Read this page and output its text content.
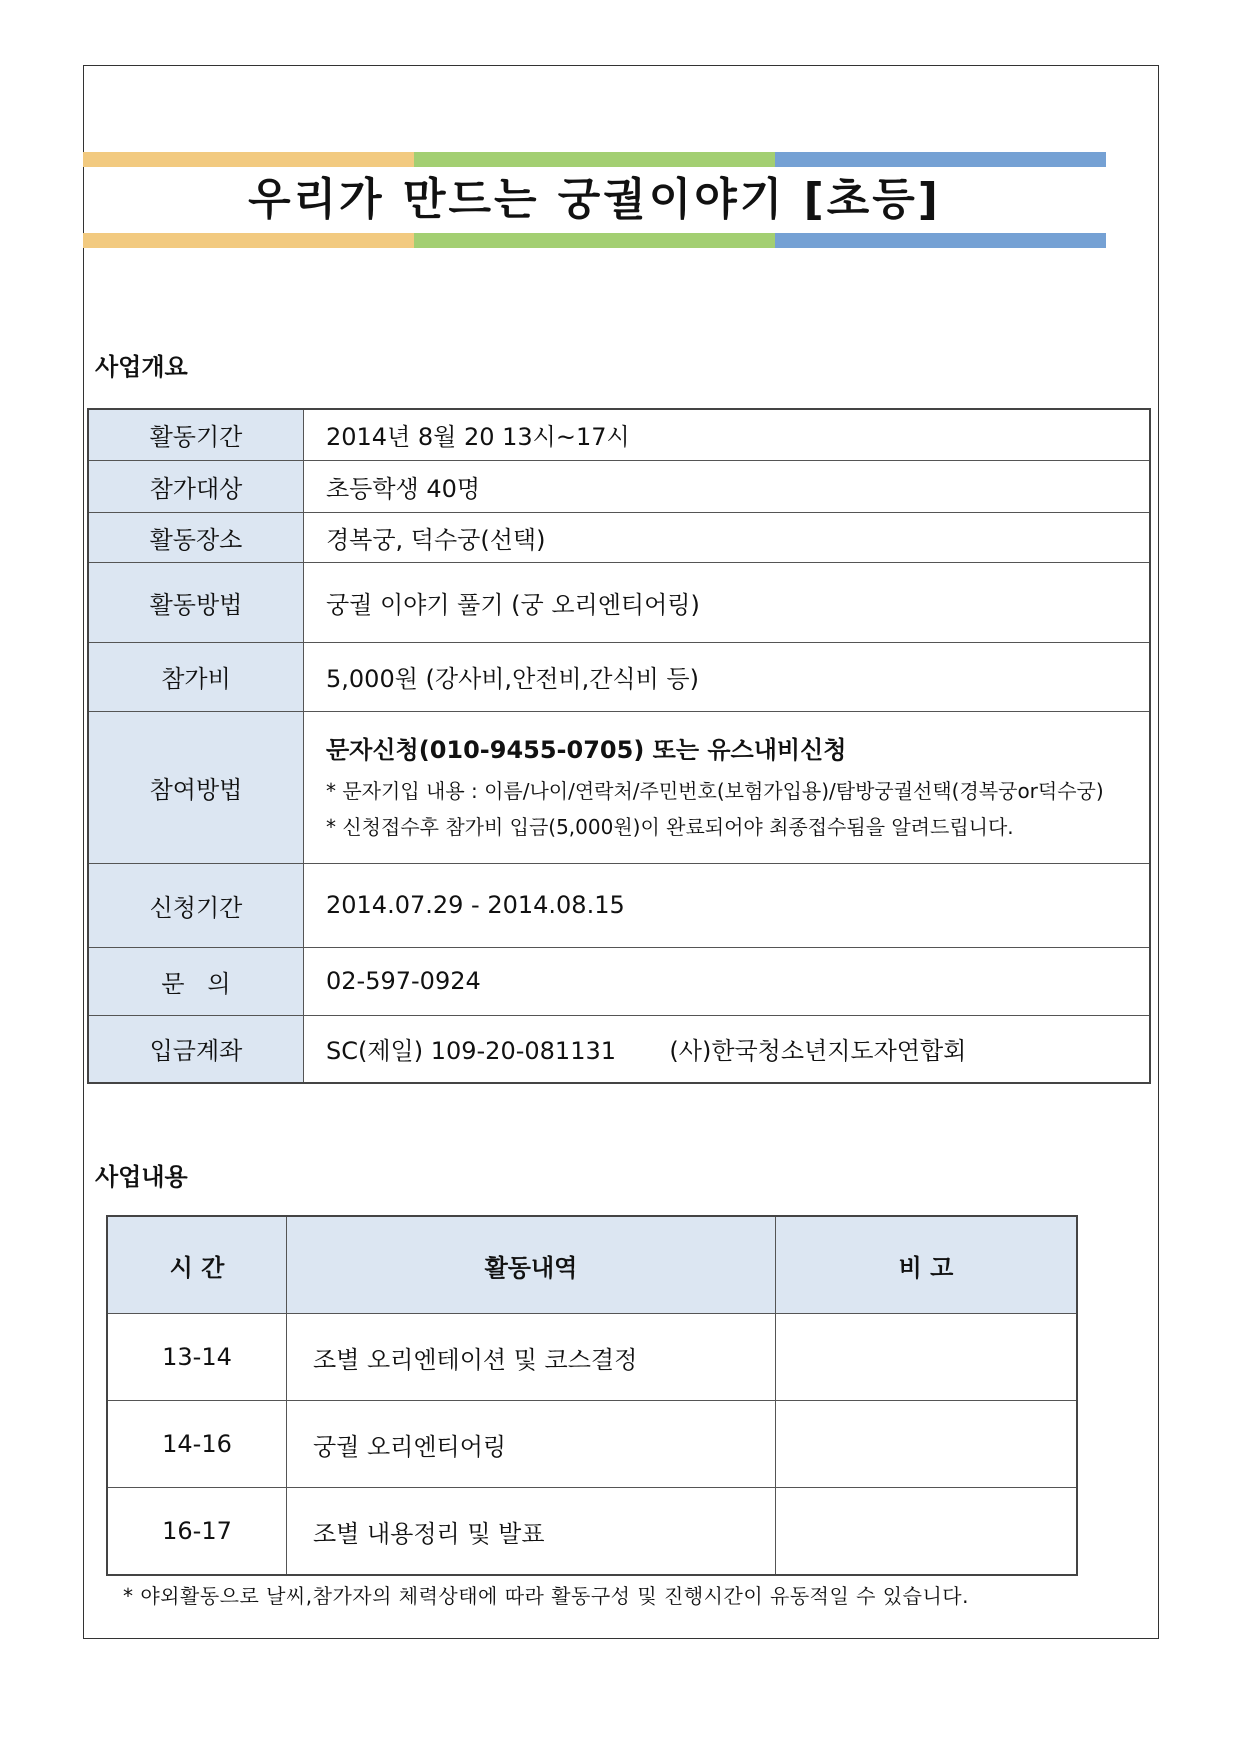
우리가 만드는 궁궐이야기 [초등]
사업개요
활동기간	2014년 8월 20 13시~17시
참가대상	초등학생 40명
활동장소	경복궁, 덕수궁(선택)
활동방법	궁궐 이야기 풀기 (궁 오리엔티어링)
참가비	5,000원 (강사비,안전비,간식비 등)
참여방법	문자신청(010-9455-0705) 또는 유스내비신청
* 문자기입 내용 : 이름/나이/연락처/주민번호(보험가입용)/탐방궁궐선택(경복궁or덕수궁)
* 신청접수후 참가비 입금(5,000원)이 완료되어야 최종접수됨을 알려드립니다.

신청기간	2014.07.29 - 2014.08.15
문   의	02-597-0924
입금계좌	SC(제일) 109-20-081131       (사)한국청소년지도자연합회
사업내용
시 간	활동내역	비 고
13-14	조별 오리엔테이션 및 코스결정	
14-16	궁궐 오리엔티어링	
16-17	조별 내용정리 및 발표	
* 야외활동으로 날씨,참가자의 체력상태에 따라 활동구성 및 진행시간이 유동적일 수 있습니다.
